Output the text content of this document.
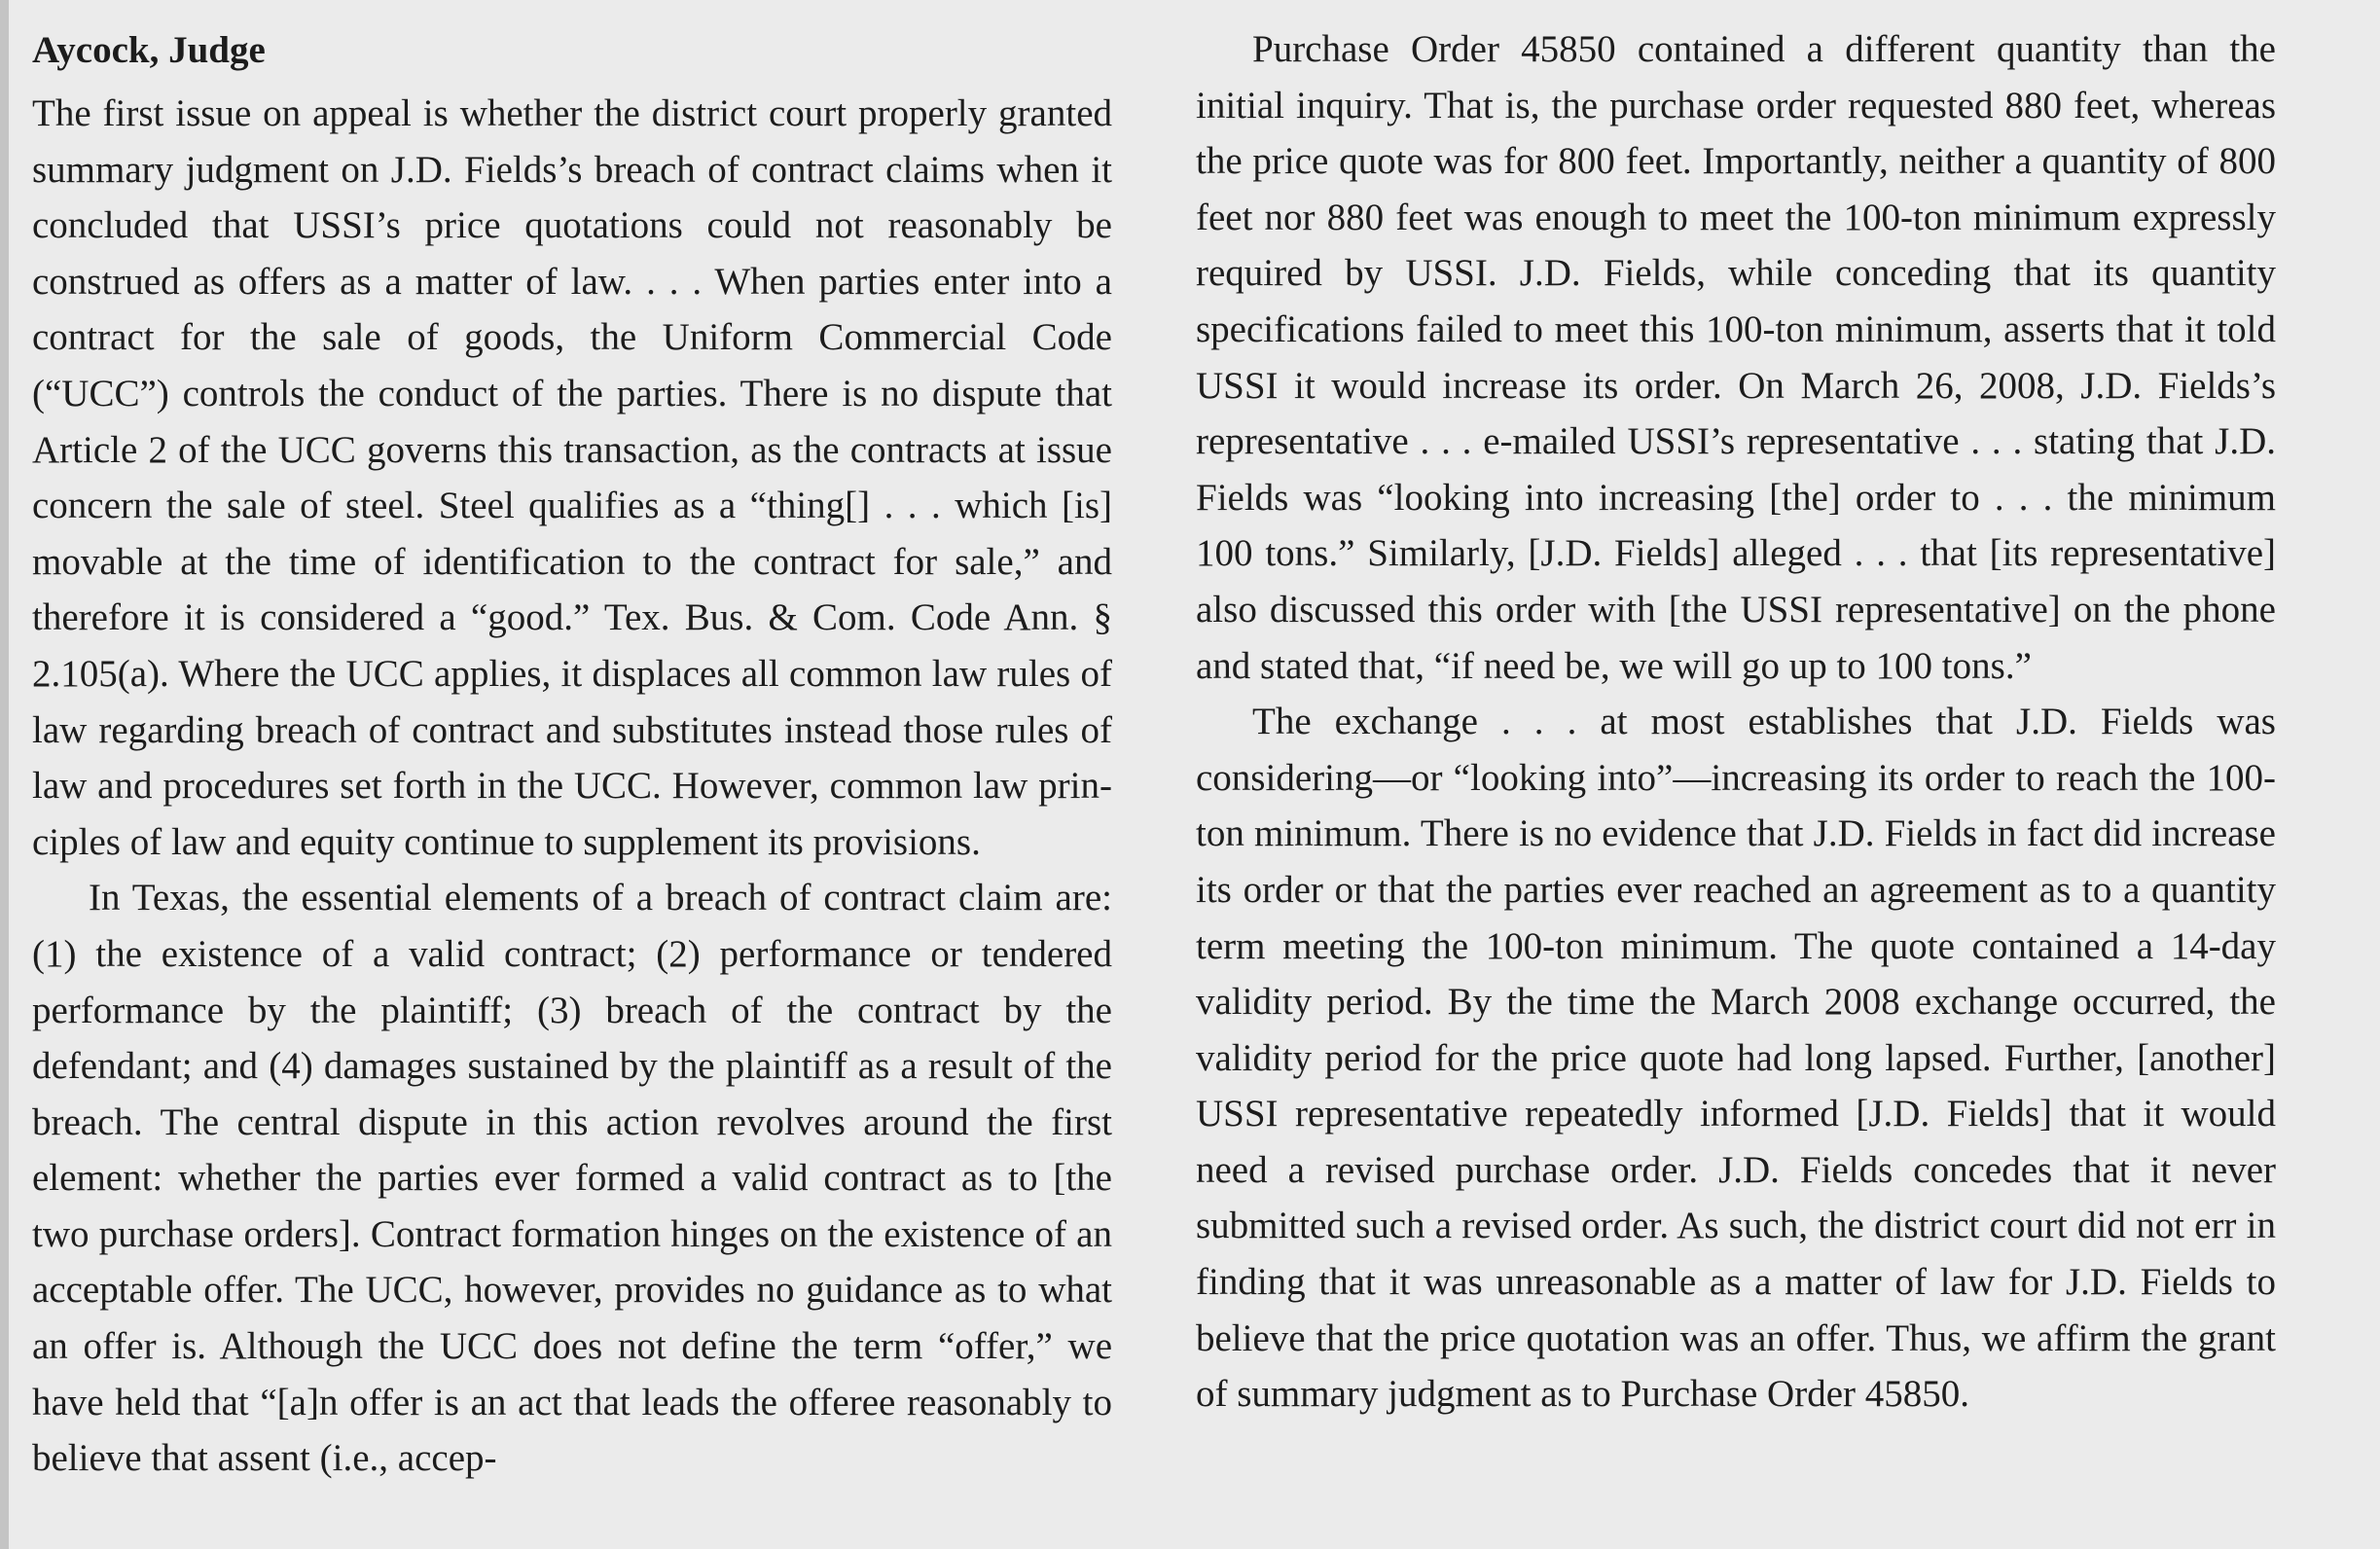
Aycock, Judge

The first issue on appeal is whether the district court properly granted summary judgment on J.D. Fields’s breach of contract claims when it concluded that USSI’s price quotations could not reasonably be construed as offers as a matter of law. . . . When parties enter into a contract for the sale of goods, the Uniform Commercial Code (“UCC”) controls the conduct of the parties. There is no dispute that Article 2 of the UCC governs this transaction, as the contracts at issue concern the sale of steel. Steel qualifies as a “thing[] . . . which [is] movable at the time of identification to the contract for sale,” and therefore it is considered a “good.” Tex. Bus. & Com. Code Ann. § 2.105(a). Where the UCC applies, it displaces all common law rules of law regarding breach of contract and substitutes instead those rules of law and procedures set forth in the UCC. However, common law principles of law and equity continue to supplement its provisions.

In Texas, the essential elements of a breach of contract claim are: (1) the existence of a valid contract; (2) performance or tendered performance by the plaintiff; (3) breach of the contract by the defendant; and (4) damages sustained by the plaintiff as a result of the breach. The central dispute in this action revolves around the first element: whether the parties ever formed a valid contract as to [the two purchase orders]. Contract formation hinges on the existence of an acceptable offer. The UCC, however, provides no guidance as to what an offer is. Although the UCC does not define the term “offer,” we have held that “[a]n offer is an act that leads the offeree reasonably to believe that assent (i.e., accep-

Purchase Order 45850 contained a different quantity than the initial inquiry. That is, the purchase order requested 880 feet, whereas the price quote was for 800 feet. Importantly, neither a quantity of 800 feet nor 880 feet was enough to meet the 100-ton minimum expressly required by USSI. J.D. Fields, while conceding that its quantity specifications failed to meet this 100-ton minimum, asserts that it told USSI it would increase its order. On March 26, 2008, J.D. Fields’s representative . . . e-mailed USSI’s representative . . . stating that J.D. Fields was “looking into increasing [the] order to . . . the minimum 100 tons.” Similarly, [J.D. Fields] alleged . . . that [its representative] also discussed this order with [the USSI representative] on the phone and stated that, “if need be, we will go up to 100 tons.”

The exchange . . . at most establishes that J.D. Fields was considering—or “looking into”—increasing its order to reach the 100-ton minimum. There is no evidence that J.D. Fields in fact did increase its order or that the parties ever reached an agreement as to a quantity term meeting the 100-ton minimum. The quote contained a 14-day validity period. By the time the March 2008 exchange occurred, the validity period for the price quote had long lapsed. Further, [another] USSI representative repeatedly informed [J.D. Fields] that it would need a revised purchase order. J.D. Fields concedes that it never submitted such a revised order. As such, the district court did not err in finding that it was unreasonable as a matter of law for J.D. Fields to believe that the price quotation was an offer. Thus, we affirm the grant of summary judgment as to Purchase Order 45850.
